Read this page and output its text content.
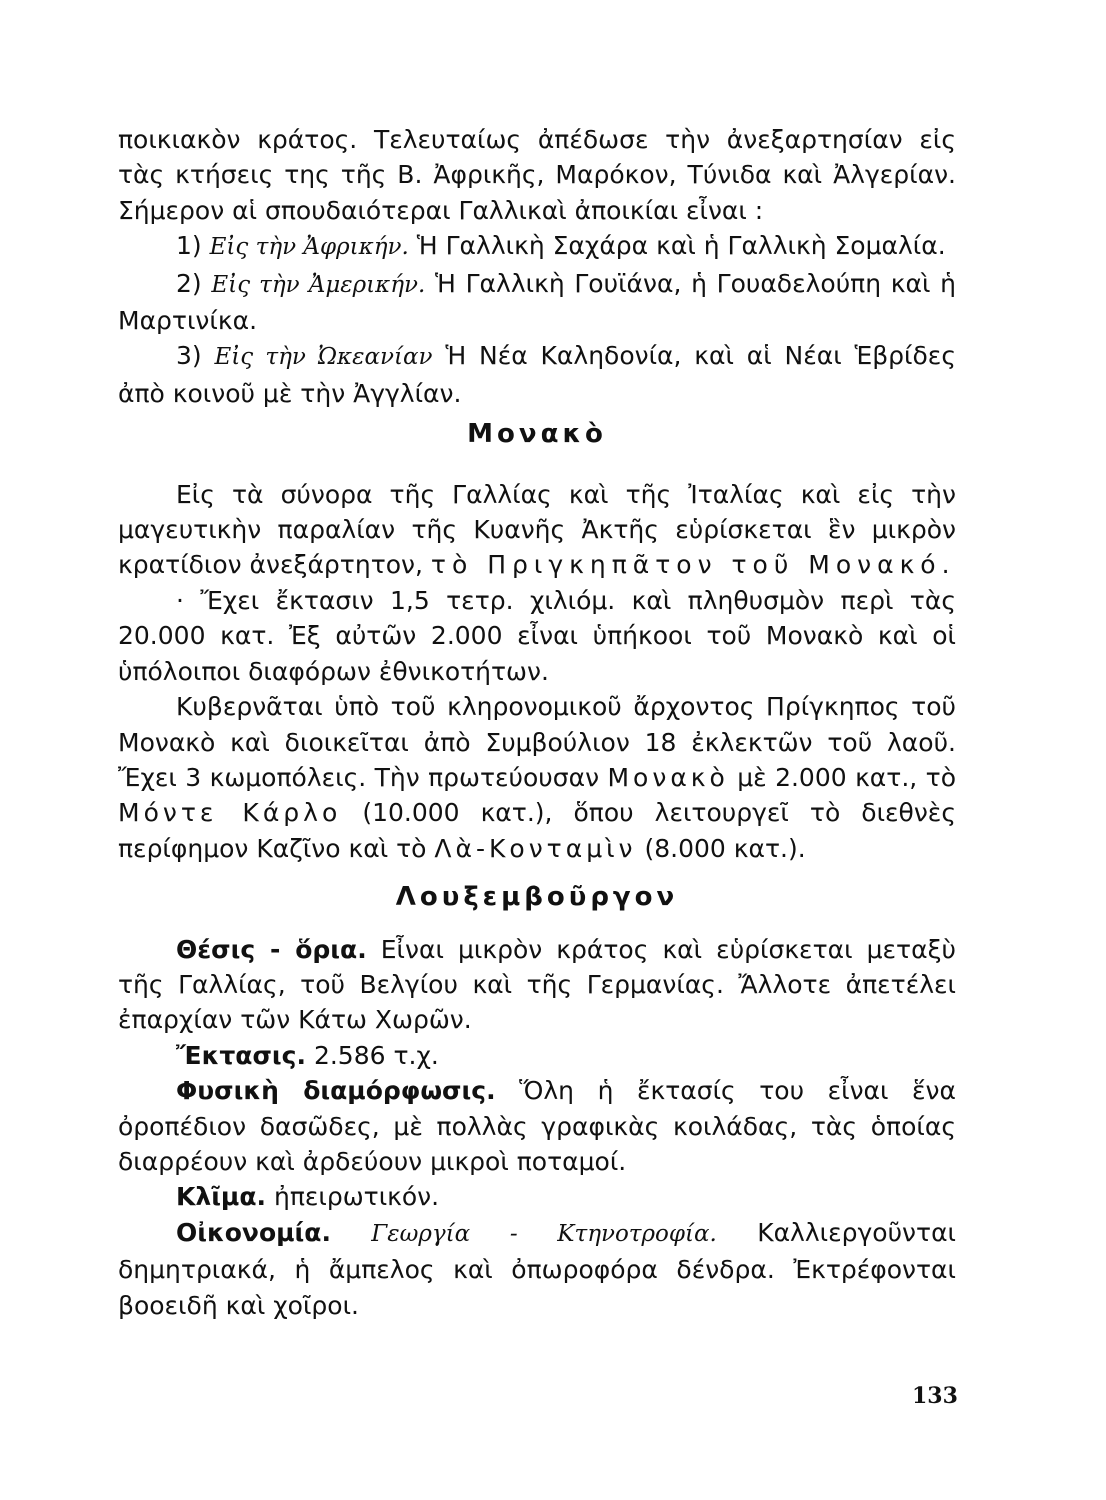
ποικιακὸν κράτος. Τελευταίως ἀπέδωσε τὴν ἀνεξαρτησίαν εἰς τὰς κτήσεις της τῆς Β. Ἀφρικῆς, Μαρόκον, Τύνιδα καὶ Ἀλγερίαν. Σήμερον αἱ σπουδαιότεραι Γαλλικαὶ ἀποικίαι εἶναι :

1) Εἰς τὴν Ἀφρικήν. Ἡ Γαλλικὴ Σαχάρα καὶ ἡ Γαλλικὴ Σομαλία.

2) Εἰς τὴν Ἀμερικήν. Ἡ Γαλλικὴ Γουϊάνα, ἡ Γουαδελούπη καὶ ἡ Μαρτινίκα.

3) Εἰς τὴν Ὠκεανίαν Ἡ Νέα Καληδονία, καὶ αἱ Νέαι Ἑβρίδες ἀπὸ κοινοῦ μὲ τὴν Ἀγγλίαν.

Μονακὸ

Εἰς τὰ σύνορα τῆς Γαλλίας καὶ τῆς Ἰταλίας καὶ εἰς τὴν μαγευτικὴν παραλίαν τῆς Κυανῆς Ἀκτῆς εὑρίσκεται ἓν μικρὸν κρατίδιον ἀνεξάρτητον, τὸ Πριγκηπᾶτον τοῦ Μονακό.

· Ἔχει ἔκτασιν 1,5 τετρ. χιλιόμ. καὶ πληθυσμὸν περὶ τὰς 20.000 κατ. Ἐξ αὐτῶν 2.000 εἶναι ὑπήκοοι τοῦ Μονακὸ καὶ οἱ ὑπόλοιποι διαφόρων ἐθνικοτήτων.

Κυβερνᾶται ὑπὸ τοῦ κληρονομικοῦ ἄρχοντος Πρίγκηπος τοῦ Μονακὸ καὶ διοικεῖται ἀπὸ Συμβούλιον 18 ἐκλεκτῶν τοῦ λαοῦ. Ἔχει 3 κωμοπόλεις. Τὴν πρωτεύουσαν Μονακὸ μὲ 2.000 κατ., τὸ Μόντε Κάρλο (10.000 κατ.), ὅπου λειτουργεῖ τὸ διεθνὲς περίφημον Καζῖνο καὶ τὸ Λὰ-Κονταμὶν (8.000 κατ.).

Λουξεμβοῦργον

Θέσις - ὅρια. Εἶναι μικρὸν κράτος καὶ εὑρίσκεται μεταξὺ τῆς Γαλλίας, τοῦ Βελγίου καὶ τῆς Γερμανίας. Ἄλλοτε ἀπετέλει ἐπαρχίαν τῶν Κάτω Χωρῶν.

Ἔκτασις. 2.586 τ.χ.

Φυσικὴ διαμόρφωσις. Ὅλη ἡ ἔκτασίς του εἶναι ἕνα ὀροπέδιον δασῶδες, μὲ πολλὰς γραφικὰς κοιλάδας, τὰς ὁποίας διαρρέουν καὶ ἀρδεύουν μικροὶ ποταμοί.

Κλῖμα. ἠπειρωτικόν.

Οἰκονομία. Γεωργία - Κτηνοτροφία. Καλλιεργοῦνται δημητριακά, ἡ ἄμπελος καὶ ὀπωροφόρα δένδρα. Ἐκτρέφονται βοοειδῆ καὶ χοῖροι.

133
